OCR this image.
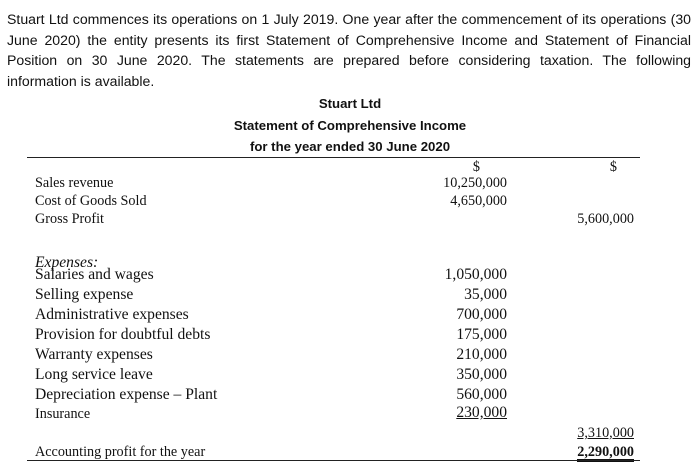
Stuart Ltd commences its operations on 1 July 2019. One year after the commencement of its operations (30 June 2020) the entity presents its first Statement of Comprehensive Income and Statement of Financial Position on 30 June 2020. The statements are prepared before considering taxation. The following information is available.

Stuart Ltd

Statement of Comprehensive Income

for the year ended 30 June 2020

$	$
Sales revenue	10,250,000
Cost of Goods Sold	4,650,000
Gross Profit	5,600,000
Expenses:
Salaries and wages	1,050,000
Selling expense	35,000
Administrative expenses	700,000
Provision for doubtful debts	175,000
Warranty expenses	210,000
Long service leave	350,000
Depreciation expense – Plant	560,000
Insurance	230,000
3,310,000
Accounting profit for the year	2,290,000
